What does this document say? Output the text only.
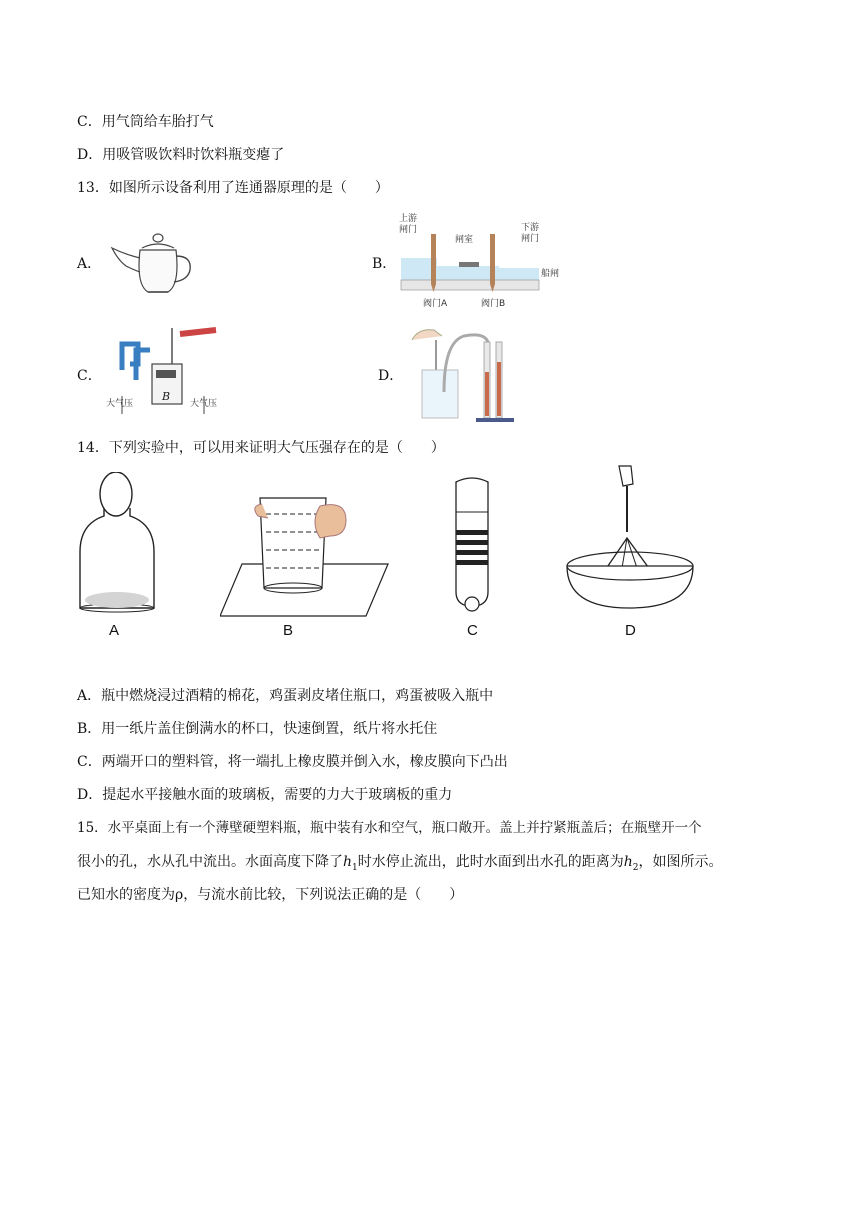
C．用气筒给车胎打气
D．用吸管吸饮料时饮料瓶变瘪了
13．如图所示设备利用了连通器原理的是（　　）
A．	B．
上游
闸门
闸室
下游
闸门
船闸
阀门A	阀门B
C．
B
大气压	大气压
D．
14．下列实验中，可以用来证明大气压强存在的是（　　）
A	B	C	D
A．瓶中燃烧浸过酒精的棉花，鸡蛋剥皮堵住瓶口，鸡蛋被吸入瓶中
B．用一纸片盖住倒满水的杯口，快速倒置，纸片将水托住
C．两端开口的塑料管，将一端扎上橡皮膜并倒入水，橡皮膜向下凸出
D．提起水平接触水面的玻璃板，需要的力大于玻璃板的重力
15．水平桌面上有一个薄壁硬塑料瓶，瓶中装有水和空气，瓶口敞开。盖上并拧紧瓶盖后；在瓶壁开一个
很小的孔，水从孔中流出。水面高度下降了$h_1$时水停止流出，此时水面到出水孔的距离为$h_2$，如图所示。
已知水的密度为ρ，与流水前比较，下列说法正确的是（　　）
